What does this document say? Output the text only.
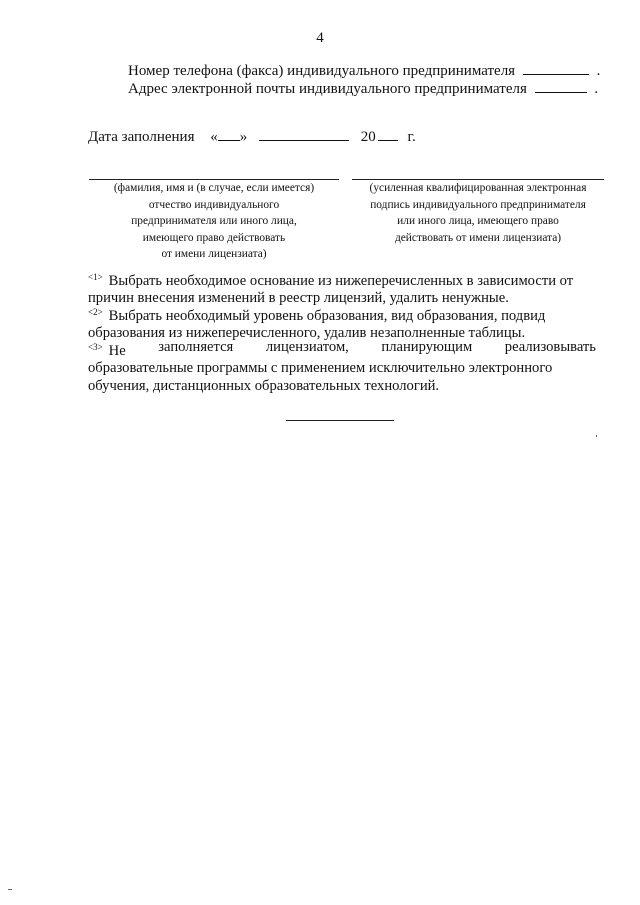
4
Номер телефона (факса) индивидуального предпринимателя	.
Адрес электронной почты индивидуального предпринимателя	.
Дата заполнения « »	20 г.
(фамилия, имя и (в случае, если имеется)
отчество индивидуального
предпринимателя или иного лица,
имеющего право действовать
от имени лицензиата)
(усиленная квалифицированная электронная
подпись индивидуального предпринимателя
или иного лица, имеющего право
действовать от имени лицензиата)
$^{<1>}$ Выбрать необходимое основание из нижеперечисленных в зависимости от
причин внесения изменений в реестр лицензий, удалить ненужные.
$^{<2>}$ Выбрать необходимый уровень образования, вид образования, подвид
образования из нижеперечисленного, удалив незаполненные таблицы.
$^{<3>}$ Не заполняется лицензиатом, планирующим реализовывать
образовательные программы с применением исключительно электронного
обучения, дистанционных образовательных технологий.
